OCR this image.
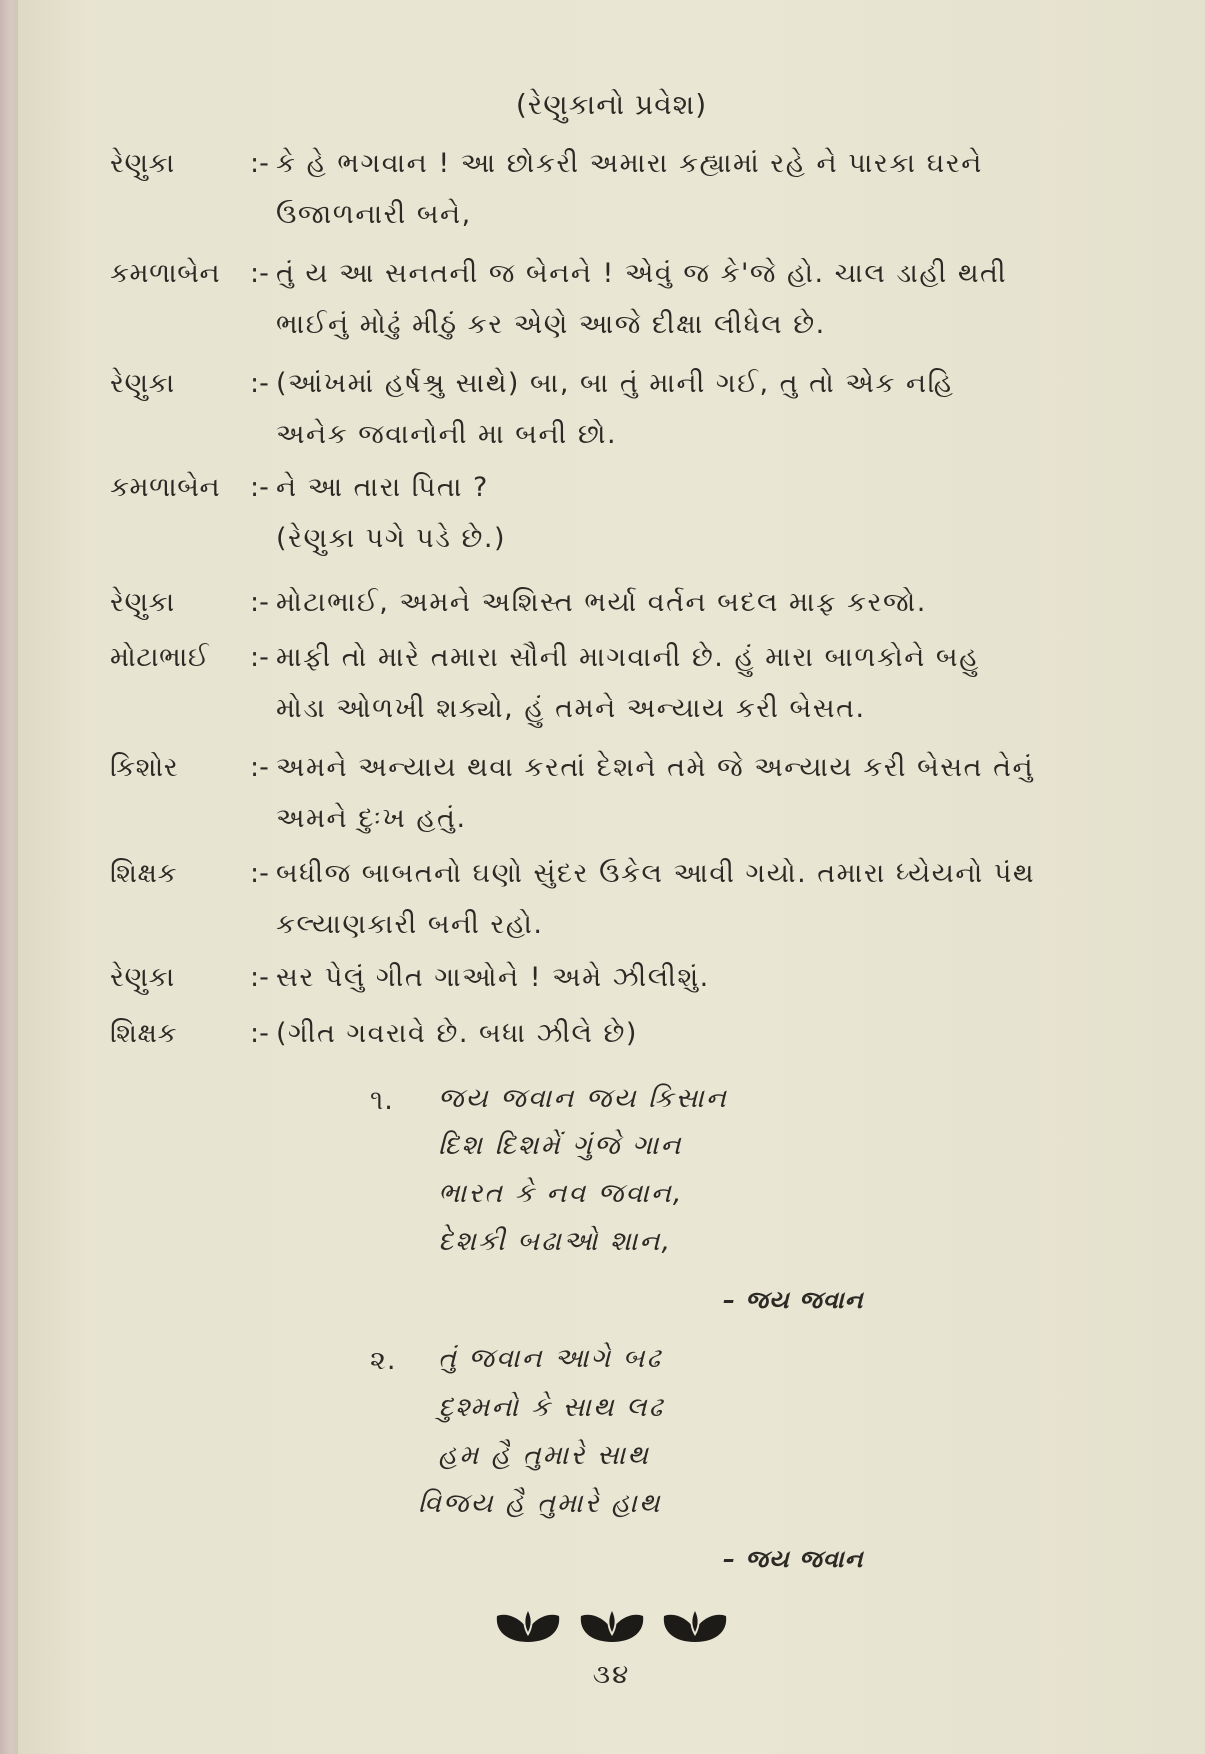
(રેણુકાનો પ્રવેશ)
રેણુકા	:- કે હે ભગવાન ! આ છોકરી અમારા કહ્યામાં રહે ને પારકા ઘરને
ઉજાળનારી બને,
કમળાબેન	:- તું ય આ સનતની જ બેનને ! એવું જ કે'જે હો. ચાલ ડાહી થતી
ભાઈનું મોઢું મીઠું કર એણે આજે દીક્ષા લીધેલ છે.
રેણુકા	:- (આંખમાં હર્ષશ્રુ સાથે) બા, બા તું માની ગઈ, તુ તો એક નહિ
અનેક જવાનોની મા બની છો.
કમળાબેન	:- ને આ તારા પિતા ?
(રેણુકા પગે પડે છે.)
રેણુકા	:- મોટાભાઈ, અમને અશિસ્ત ભર્યા વર્તન બદલ માફ કરજો.
મોટાભાઈ	:- માફી તો મારે તમારા સૌની માગવાની છે. હું મારા બાળકોને બહુ
મોડા ઓળખી શક્યો, હું તમને અન્યાય કરી બેસત.
કિશોર	:- અમને અન્યાય થવા કરતાં દેશને તમે જે અન્યાય કરી બેસત તેનું
અમને દુઃખ હતું.
શિક્ષક	:- બધીજ બાબતનો ઘણો સુંદર ઉકેલ આવી ગયો. તમારા ધ્યેયનો પંથ
કલ્યાણકારી બની રહો.
રેણુકા	:- સર પેલું ગીત ગાઓને ! અમે ઝીલીશું.
શિક્ષક	:- (ગીત ગવરાવે છે. બધા ઝીલે છે)
૧. જય જવાન જય કિસાન
દિશ દિશમેં ગુંજે ગાન
ભારત કે નવ જવાન,
દેશકી બઢાઓ શાન,
– જય જવાન
૨. તું જવાન આગે બઢ
દુશ્મનો કે સાથ લઢ
હમ હૈ તુમારે સાથ
વિજય હૈ તુમારે હાથ
– જય જવાન

૩૪
